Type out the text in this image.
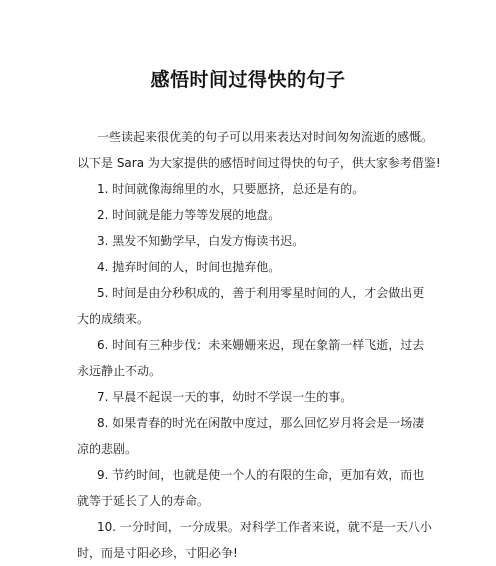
感悟时间过得快的句子
一些读起来很优美的句子可以用来表达对时间匆匆流逝的感慨。
以下是 Sara 为大家提供的感悟时间过得快的句子，供大家参考借鉴!
1. 时间就像海绵里的水，只要愿挤，总还是有的。
2. 时间就是能力等等发展的地盘。
3. 黑发不知勤学早，白发方悔读书迟。
4. 抛弃时间的人，时间也抛弃他。
5. 时间是由分秒积成的，善于利用零星时间的人，才会做出更
大的成绩来。
6. 时间有三种步伐：未来姗姗来迟，现在象箭一样飞逝，过去
永远静止不动。
7. 早晨不起误一天的事，幼时不学误一生的事。
8. 如果青春的时光在闲散中度过，那么回忆岁月将会是一场凄
凉的悲剧。
9. 节约时间，也就是使一个人的有限的生命，更加有效，而也
就等于延长了人的寿命。
10. 一分时间，一分成果。对科学工作者来说，就不是一天八小
时，而是寸阳必珍，寸阳必争!
